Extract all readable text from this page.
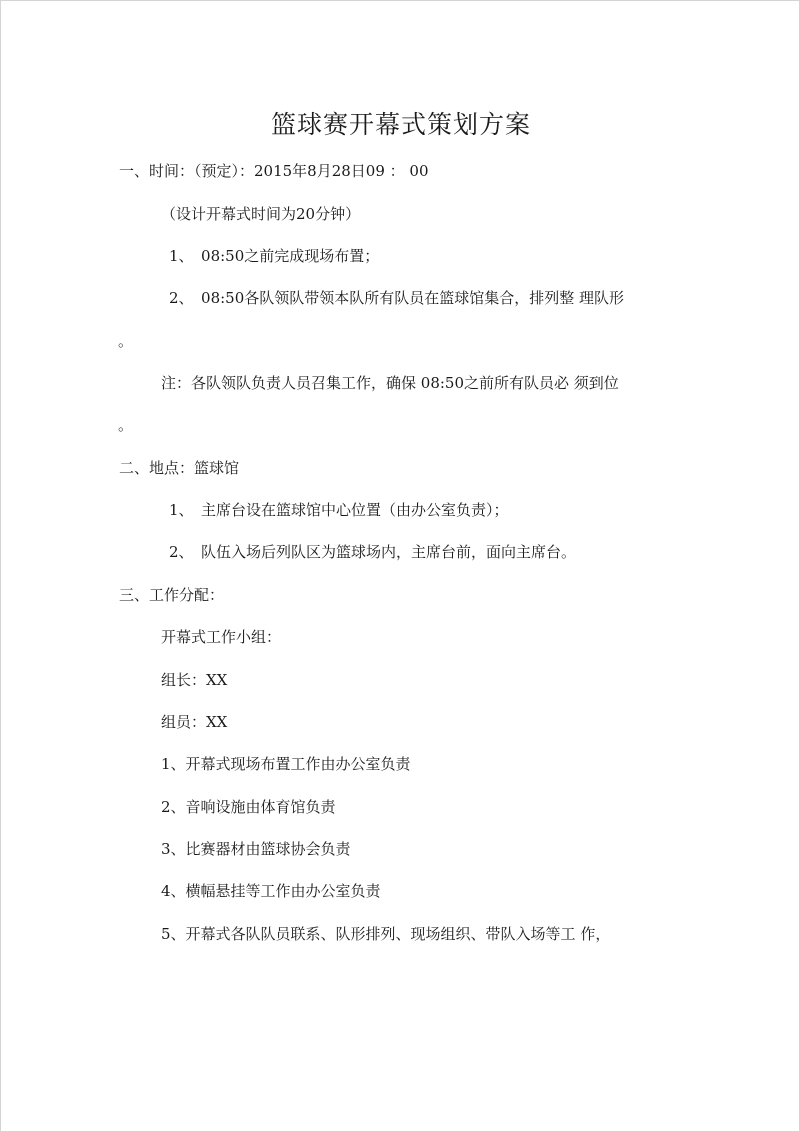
篮球赛开幕式策划方案
一、时间：（预定）：2015年8月28日09 ： 00
（设计开幕式时间为20分钟）
1、　08:50之前完成现场布置；
2、　08:50各队领队带领本队所有队员在篮球馆集合，排列整 理队形
。
注：各队领队负责人员召集工作，确保 08:50之前所有队员必 须到位
。
二、地点：篮球馆
1、　主席台设在篮球馆中心位置（由办公室负责）；
2、　队伍入场后列队区为篮球场内，主席台前，面向主席台。
三、工作分配：
开幕式工作小组：
组长：XX
组员：XX
1、开幕式现场布置工作由办公室负责
2、音响设施由体育馆负责
3、比赛器材由篮球协会负责
4、横幅悬挂等工作由办公室负责
5、开幕式各队队员联系、队形排列、现场组织、带队入场等工 作，
